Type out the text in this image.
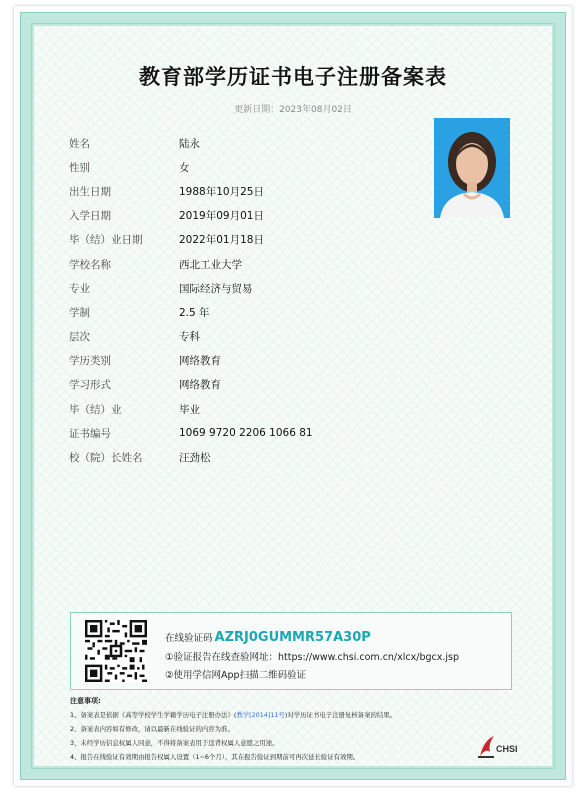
教育部学历证书电子注册备案表
更新日期：2023年08月02日
姓名	陆永
性别	女
出生日期	1988年10月25日
入学日期	2019年09月01日
毕（结）业日期	2022年01月18日
学校名称	西北工业大学
专业	国际经济与贸易
学制	2.5 年
层次	专科
学历类别	网络教育
学习形式	网络教育
毕（结）业	毕业
证书编号	1069 9720 2206 1066 81
校（院）长姓名	汪劲松
在线验证码 AZRJ0GUMMR57A30P
①验证报告在线查验网址：https://www.chsi.com.cn/xlcx/bgcx.jsp
②使用学信网App扫描二维码验证
注意事项:
1、备案表是依据《高等学校学生学籍学历电子注册办法》(教学[2014]11号)对学历证书电子注册复核备案的结果。
2、备案表内容如有修改，请以最新在线验证的内容为准。
3、未经学历信息权属人同意，不得将备案表用于违背权属人意愿之用途。
4、报告在线验证有效期由报告权属人设置（1~6个月），其在报告验证到期前可再次延长验证有效期。
CHSI
